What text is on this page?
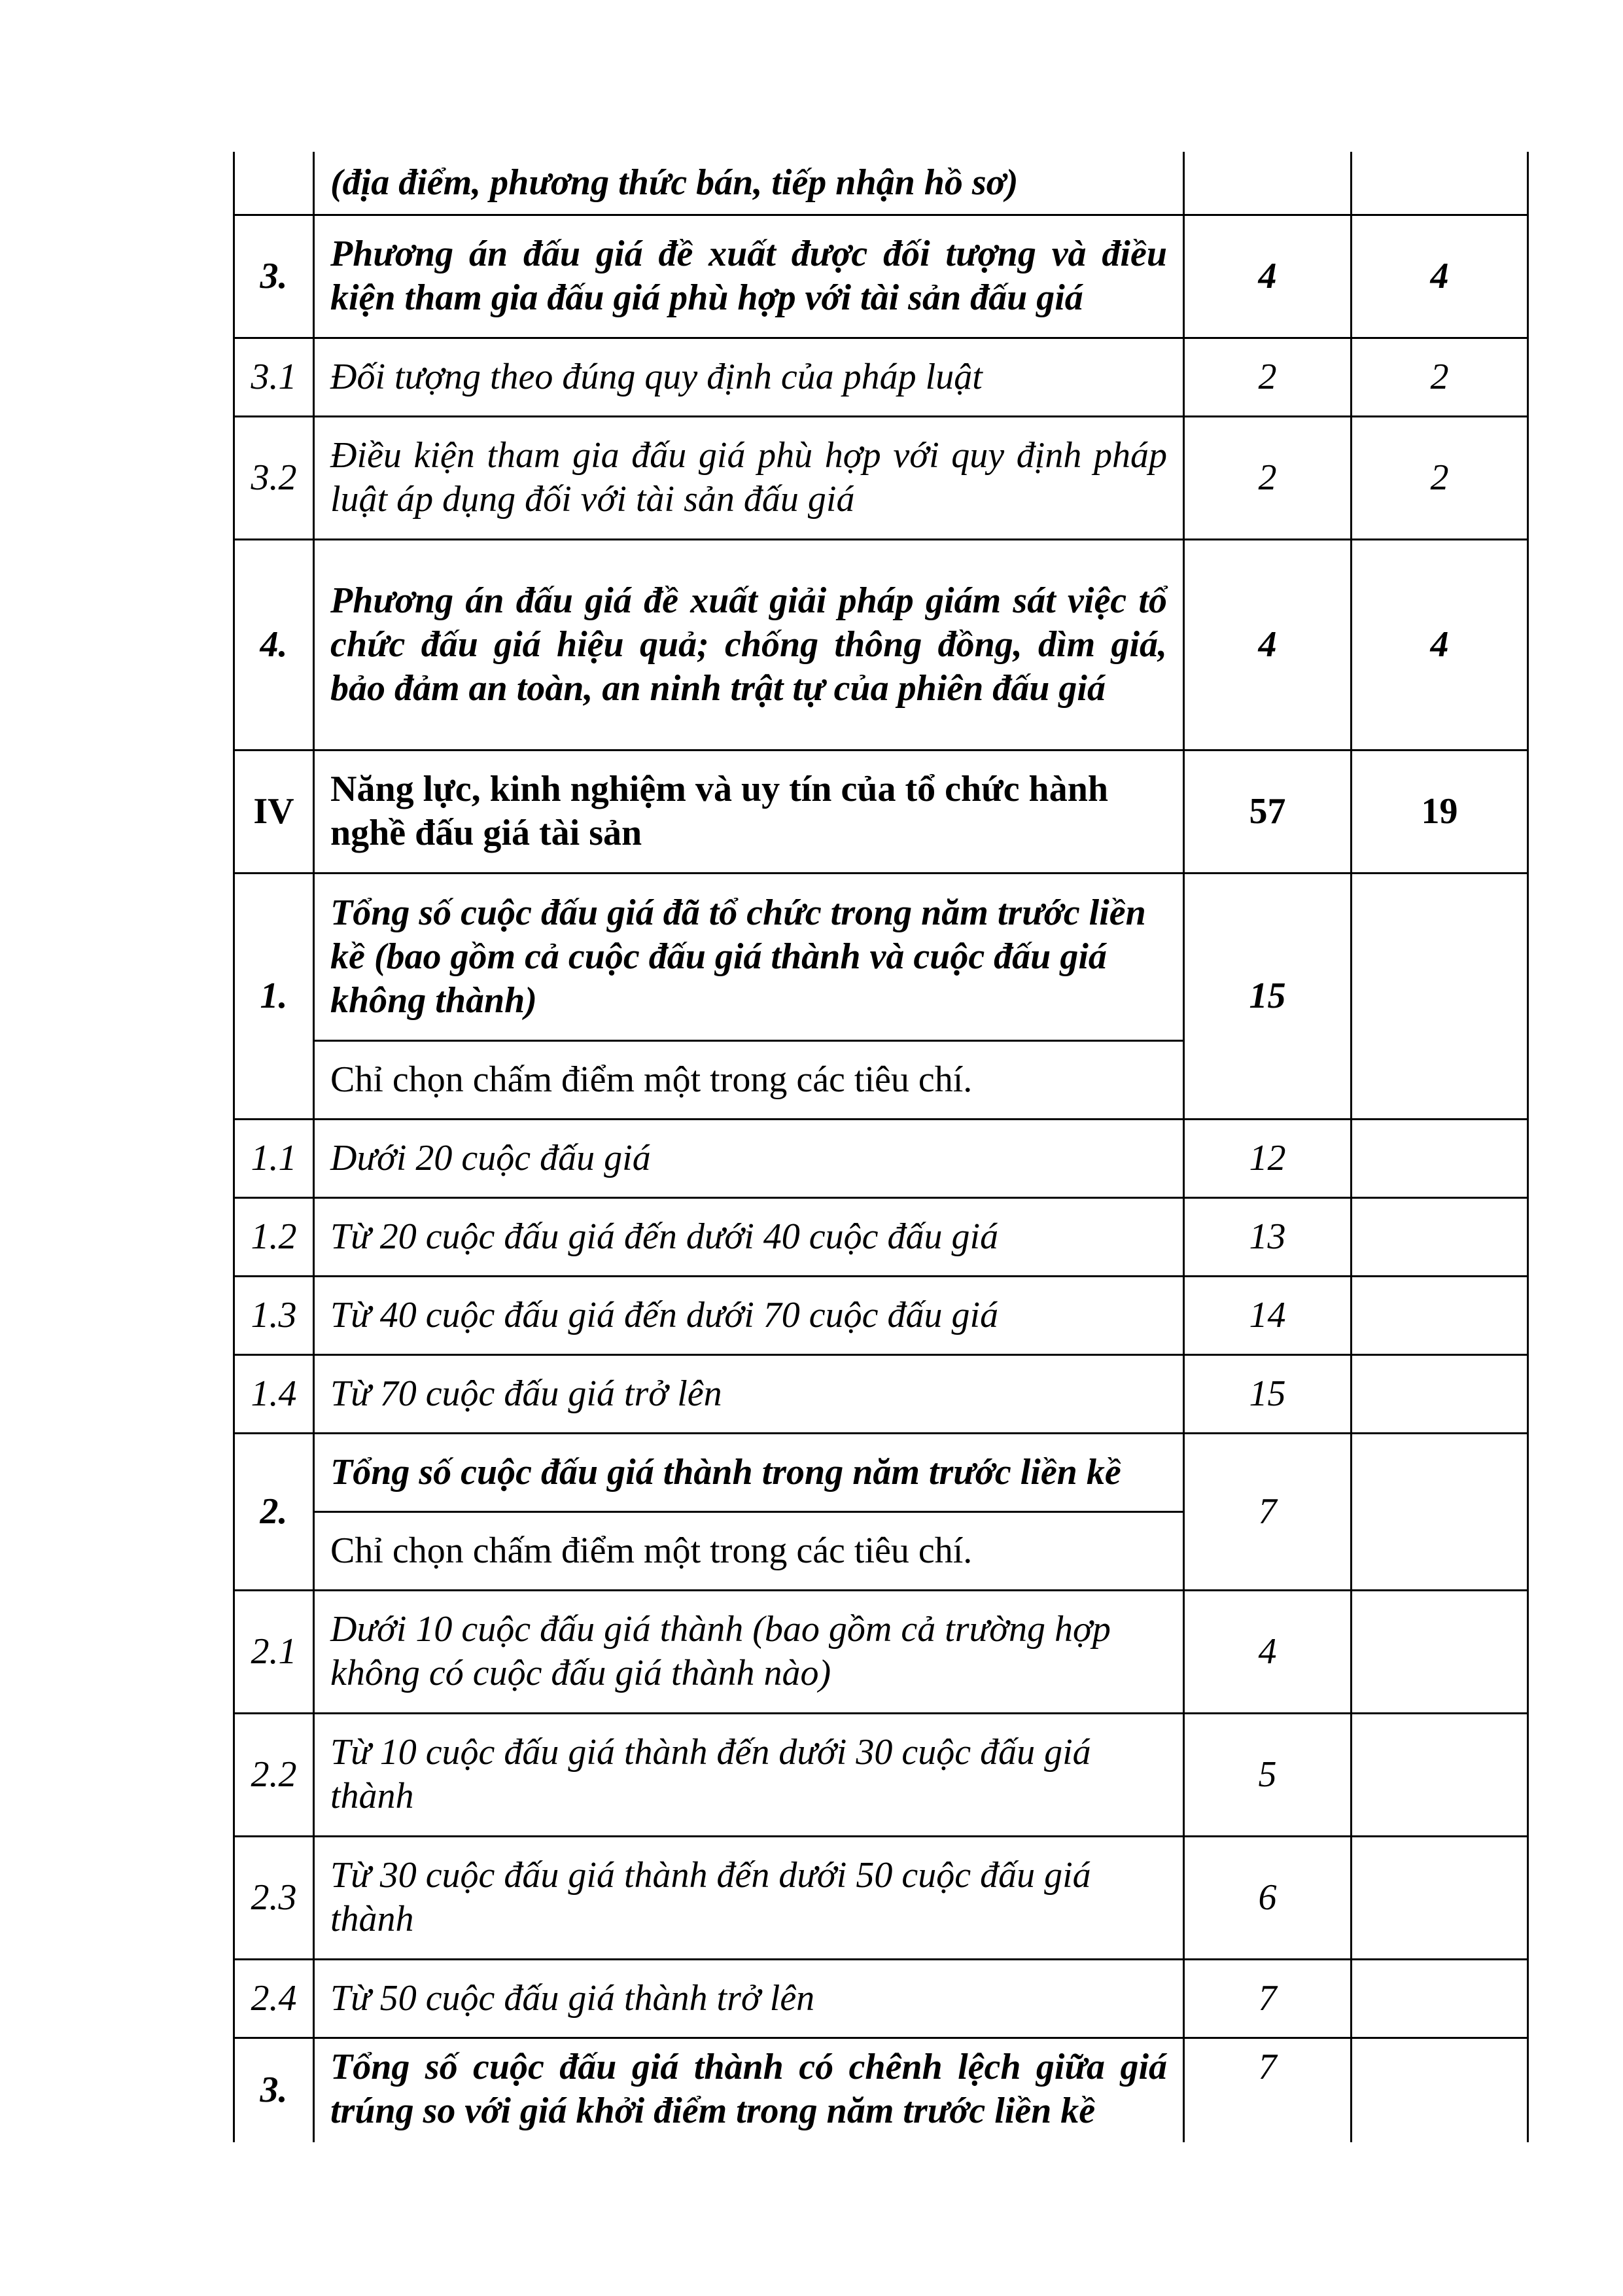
	(địa điểm, phương thức bán, tiếp nhận hồ sơ)		
3.	Phương án đấu giá đề xuất được đối tượng và điều kiện tham gia đấu giá phù hợp với tài sản đấu giá	4	4
3.1	Đối tượng theo đúng quy định của pháp luật	2	2
3.2	Điều kiện tham gia đấu giá phù hợp với quy định pháp luật áp dụng đối với tài sản đấu giá	2	2
4.	Phương án đấu giá đề xuất giải pháp giám sát việc tổ chức đấu giá hiệu quả; chống thông đồng, dìm giá, bảo đảm an toàn, an ninh trật tự của phiên đấu giá	4	4
IV	Năng lực, kinh nghiệm và uy tín của tổ chức hành nghề đấu giá tài sản	57	19
1.	Tổng số cuộc đấu giá đã tổ chức trong năm trước liền kề (bao gồm cả cuộc đấu giá thành và cuộc đấu giá không thành)	15	
	Chỉ chọn chấm điểm một trong các tiêu chí.		
1.1	Dưới 20 cuộc đấu giá	12	
1.2	Từ 20 cuộc đấu giá đến dưới 40 cuộc đấu giá	13	
1.3	Từ 40 cuộc đấu giá đến dưới 70 cuộc đấu giá	14	
1.4	Từ 70 cuộc đấu giá trở lên	15	
2.	Tổng số cuộc đấu giá thành trong năm trước liền kề	7	
	Chỉ chọn chấm điểm một trong các tiêu chí.		
2.1	Dưới 10 cuộc đấu giá thành (bao gồm cả trường hợp không có cuộc đấu giá thành nào)	4	
2.2	Từ 10 cuộc đấu giá thành đến dưới 30 cuộc đấu giá thành	5	
2.3	Từ 30 cuộc đấu giá thành đến dưới 50 cuộc đấu giá thành	6	
2.4	Từ 50 cuộc đấu giá thành trở lên	7	
3.	Tổng số cuộc đấu giá thành có chênh lệch giữa giá trúng so với giá khởi điểm trong năm trước liền kề	7	
